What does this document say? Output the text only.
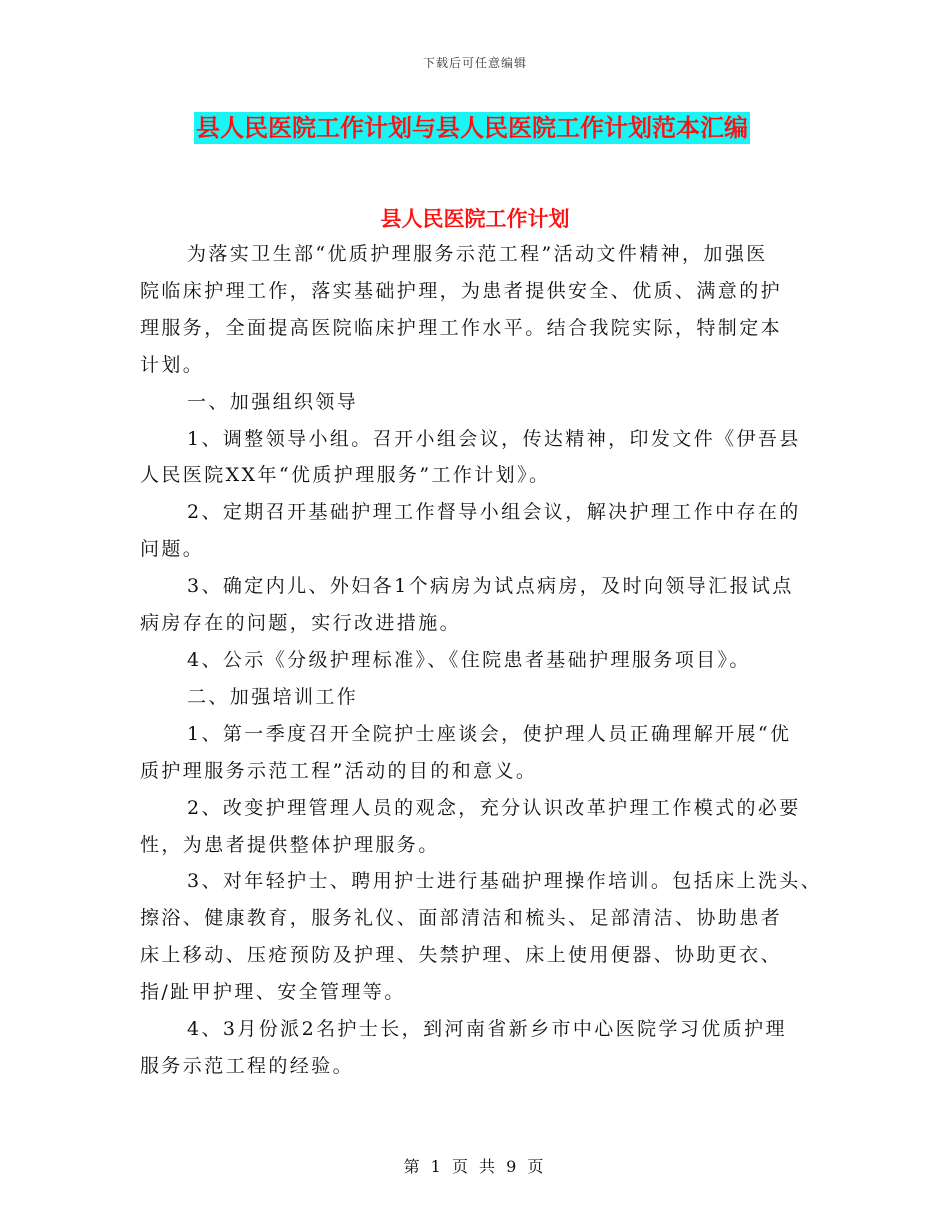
下载后可任意编辑
县人民医院工作计划与县人民医院工作计划范本汇编
县人民医院工作计划

为落实卫生部“优质护理服务示范工程”活动文件精神，加强医
院临床护理工作，落实基础护理，为患者提供安全、优质、满意的护
理服务，全面提高医院临床护理工作水平。结合我院实际，特制定本
计划。

一、加强组织领导

1、调整领导小组。召开小组会议，传达精神，印发文件《伊吾县
人民医院XX年“优质护理服务”工作计划》。

2、定期召开基础护理工作督导小组会议，解决护理工作中存在的
问题。

3、确定内儿、外妇各1个病房为试点病房，及时向领导汇报试点
病房存在的问题，实行改进措施。

4、公示《分级护理标准》、《住院患者基础护理服务项目》。

二、加强培训工作

1、第一季度召开全院护士座谈会，使护理人员正确理解开展“优
质护理服务示范工程”活动的目的和意义。

2、改变护理管理人员的观念，充分认识改革护理工作模式的必要
性，为患者提供整体护理服务。

3、对年轻护士、聘用护士进行基础护理操作培训。包括床上洗头、
擦浴、健康教育，服务礼仪、面部清洁和梳头、足部清洁、协助患者
床上移动、压疮预防及护理、失禁护理、床上使用便器、协助更衣、
指/趾甲护理、安全管理等。

4、3月份派2名护士长，到河南省新乡市中心医院学习优质护理
服务示范工程的经验。

第 1 页 共 9 页
